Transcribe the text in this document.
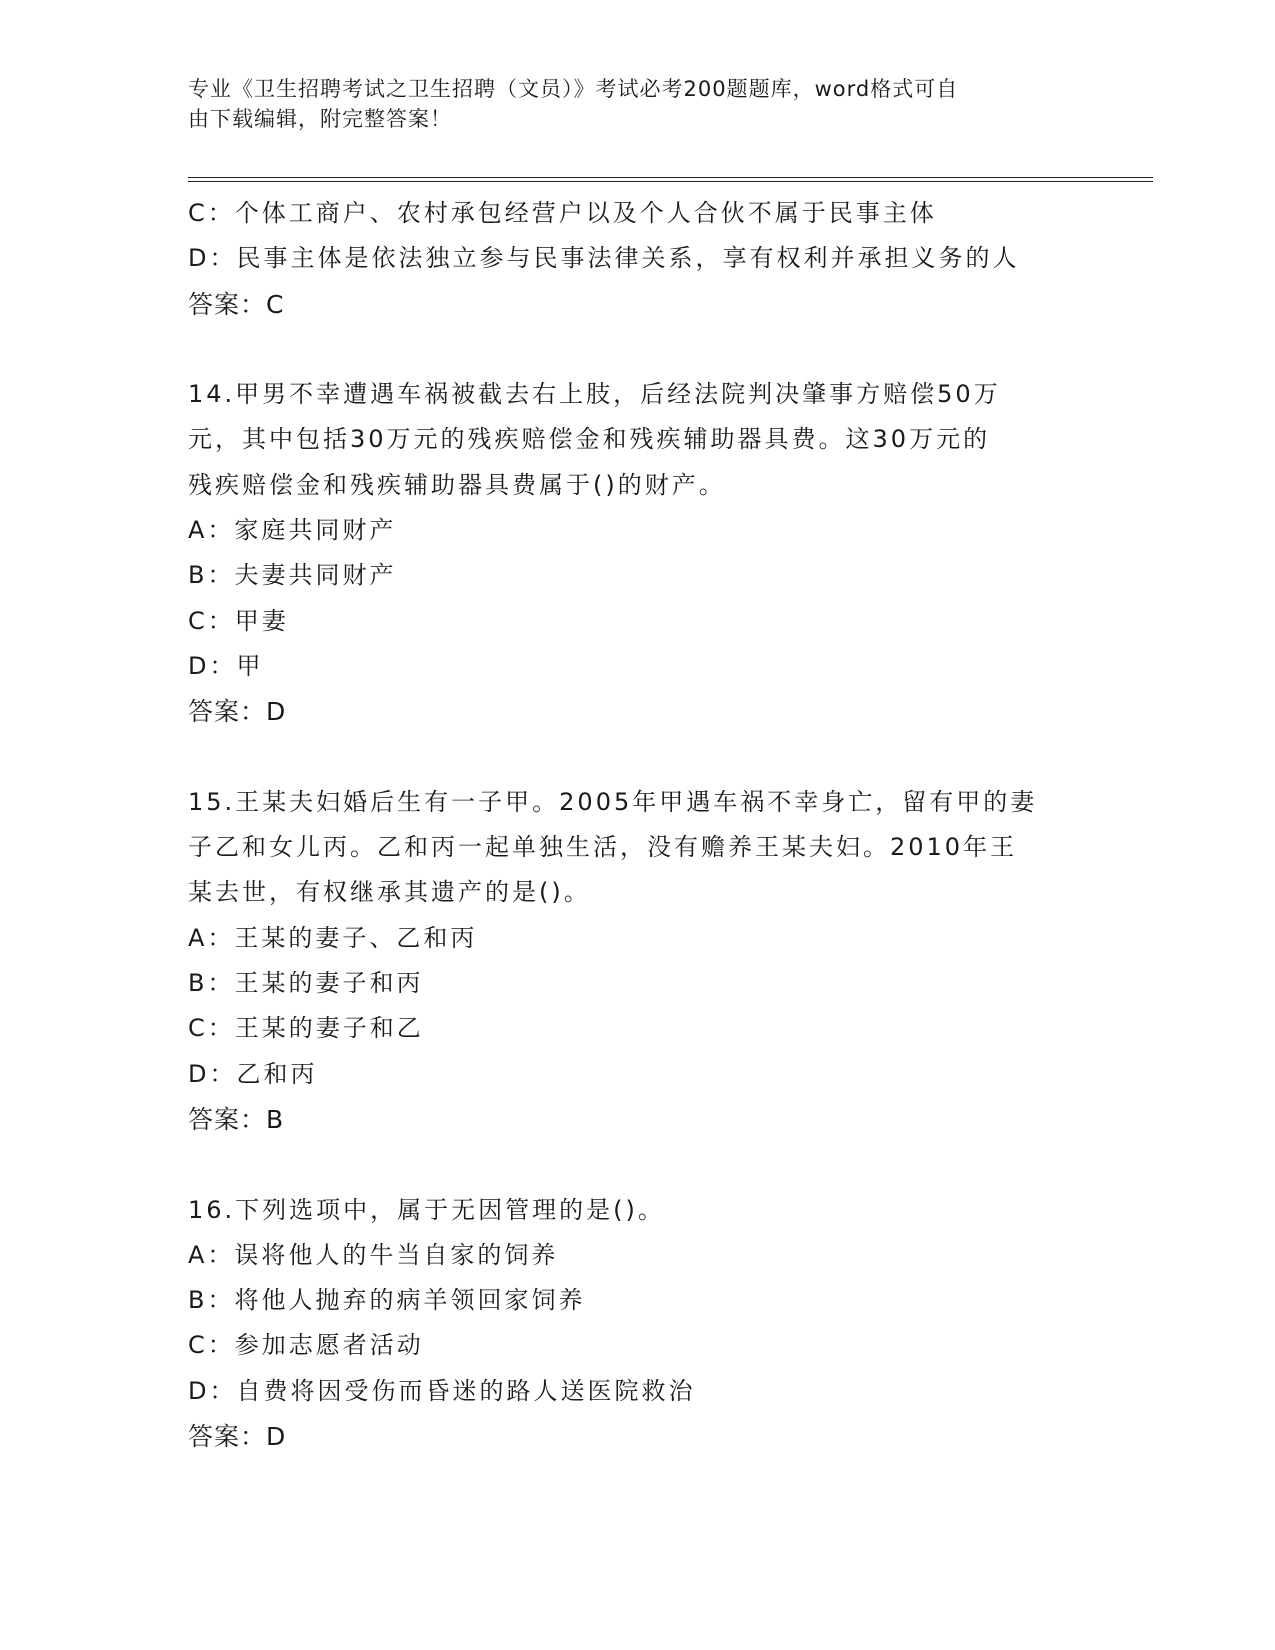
专业《卫生招聘考试之卫生招聘（文员）》考试必考200题题库，word格式可自
由下载编辑，附完整答案！
C：个体工商户、农村承包经营户以及个人合伙不属于民事主体
D：民事主体是依法独立参与民事法律关系，享有权利并承担义务的人
答案：C
14.甲男不幸遭遇车祸被截去右上肢，后经法院判决肇事方赔偿50万
元，其中包括30万元的残疾赔偿金和残疾辅助器具费。这30万元的
残疾赔偿金和残疾辅助器具费属于()的财产。
A：家庭共同财产
B：夫妻共同财产
C：甲妻
D：甲
答案：D
15.王某夫妇婚后生有一子甲。2005年甲遇车祸不幸身亡，留有甲的妻
子乙和女儿丙。乙和丙一起单独生活，没有赡养王某夫妇。2010年王
某去世，有权继承其遗产的是()。
A：王某的妻子、乙和丙
B：王某的妻子和丙
C：王某的妻子和乙
D：乙和丙
答案：B
16.下列选项中，属于无因管理的是()。
A：误将他人的牛当自家的饲养
B：将他人抛弃的病羊领回家饲养
C：参加志愿者活动
D：自费将因受伤而昏迷的路人送医院救治
答案：D
